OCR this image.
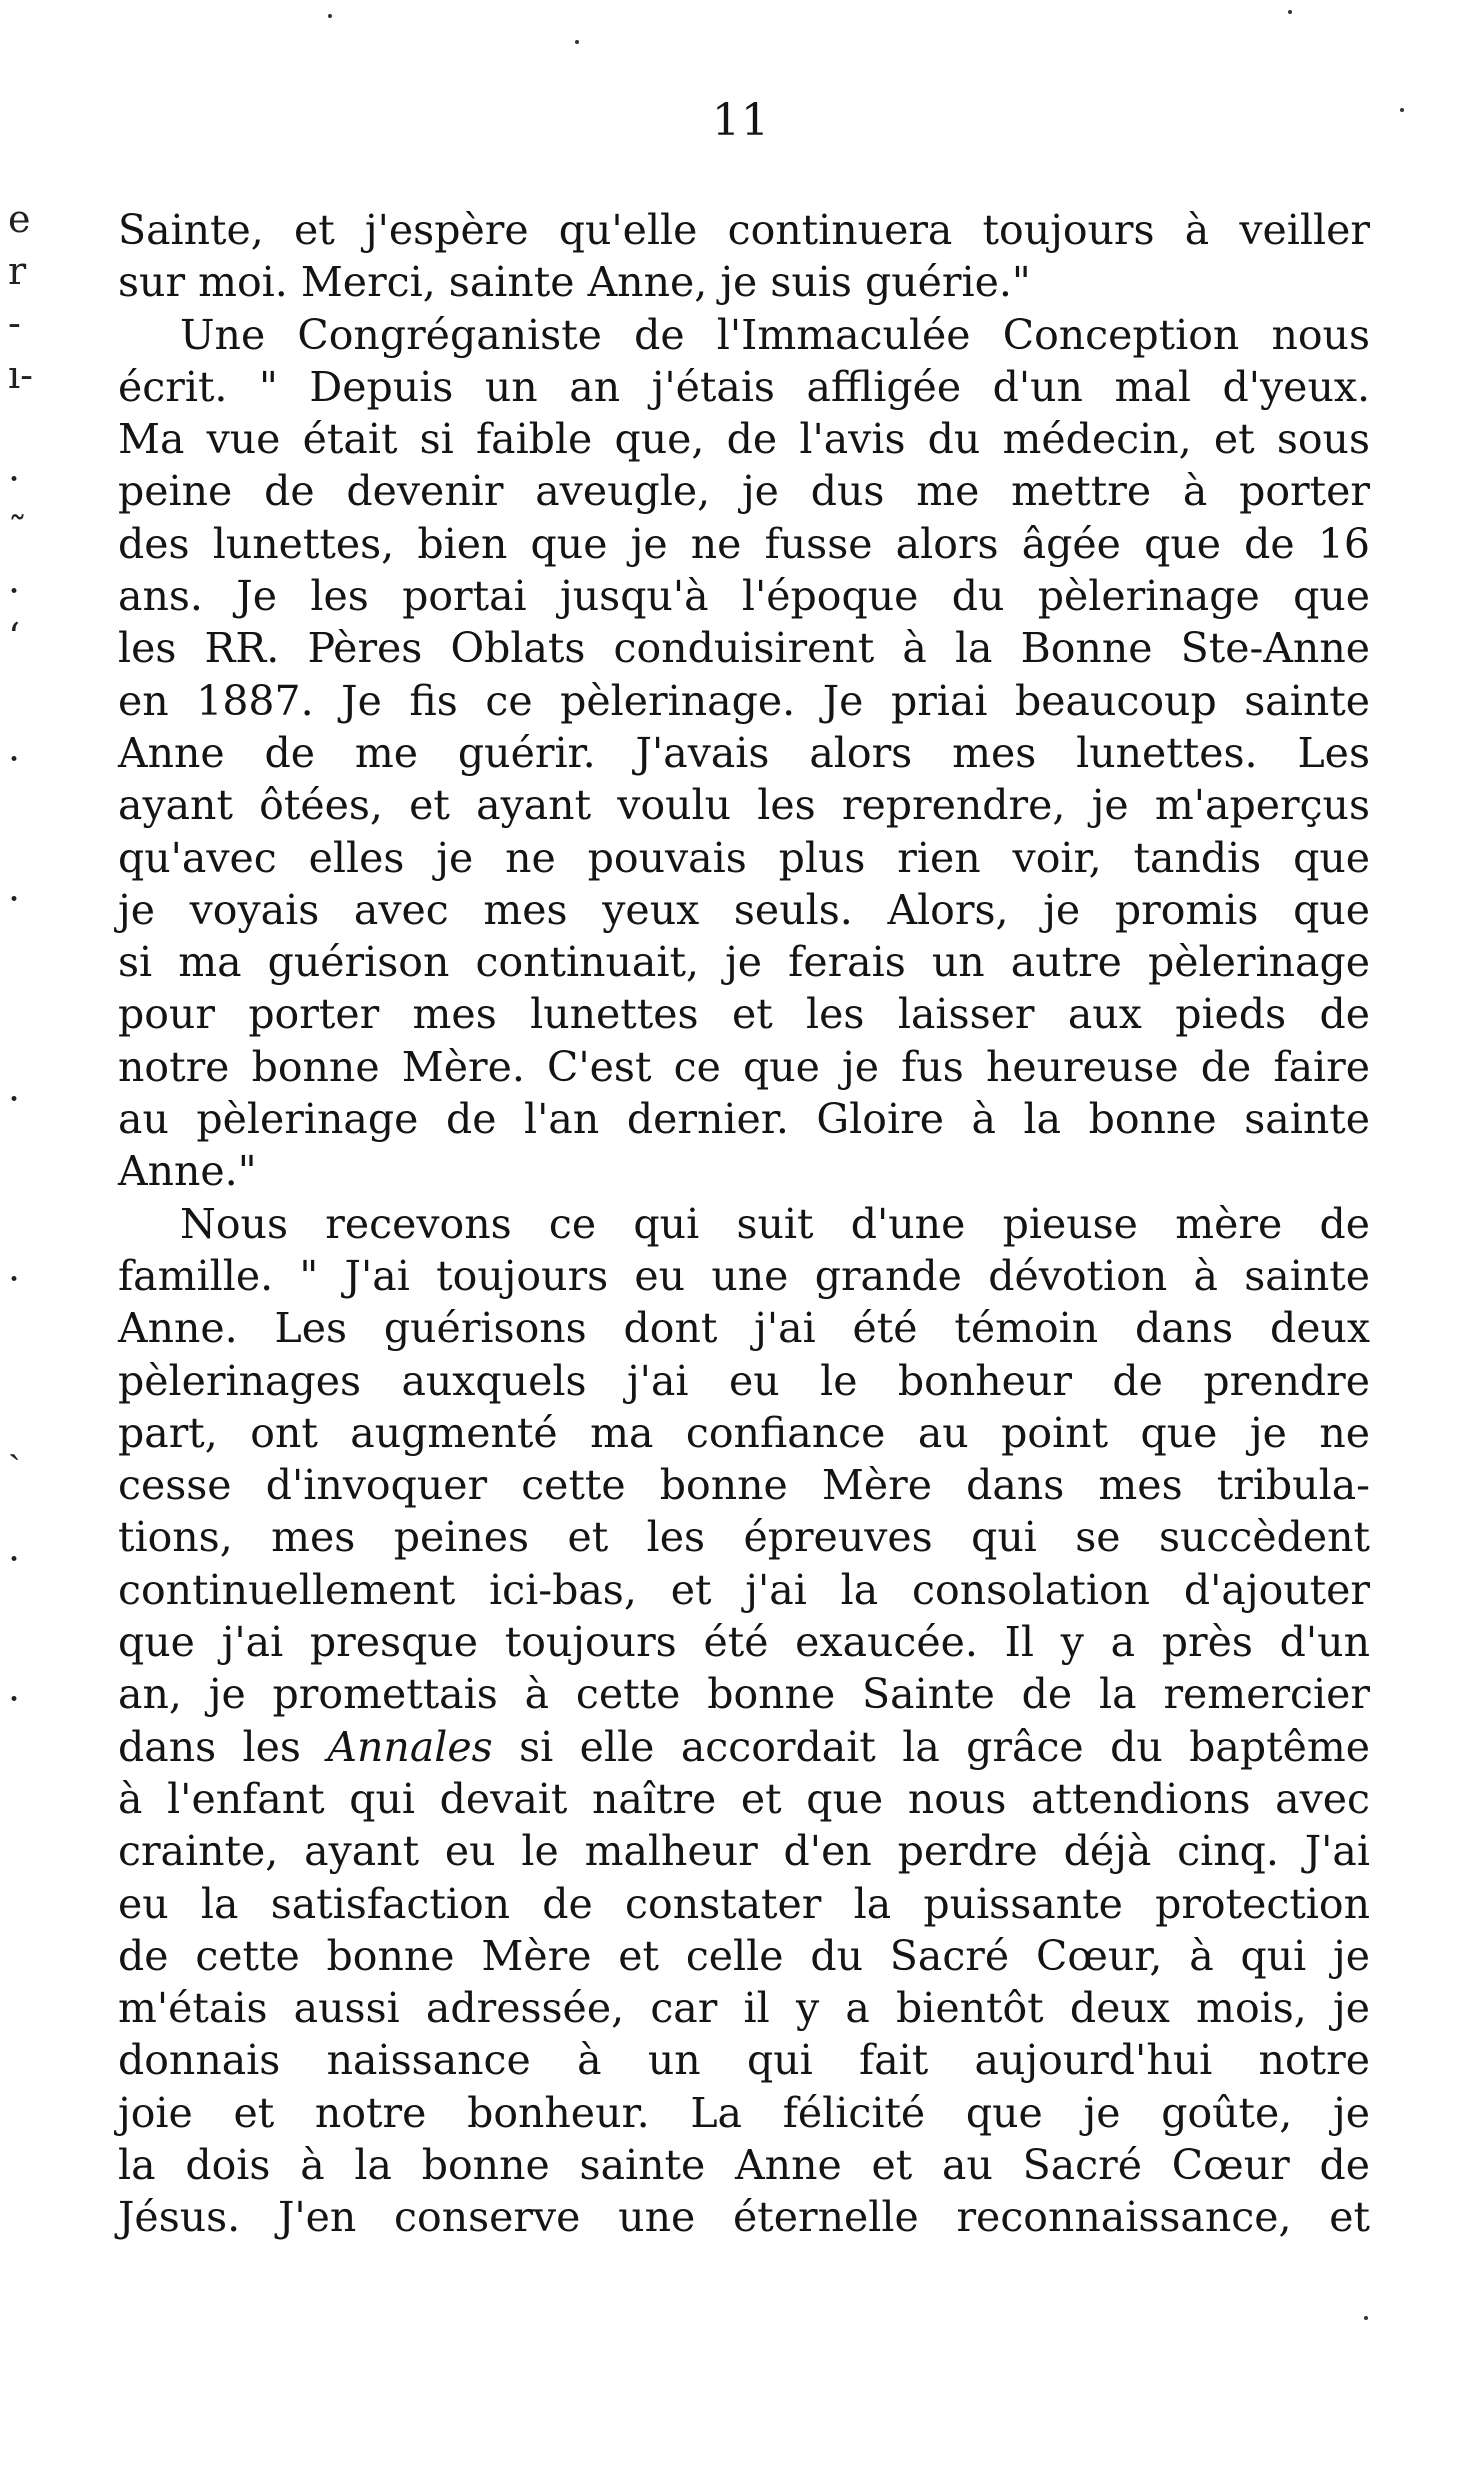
11
e
r
-
ı-
·
˜
·
‘
·
·
·
·
ˏ
·
·
Sainte, et j'espère qu'elle continuera toujours à veiller
sur moi. Merci, sainte Anne, je suis guérie."
Une Congréganiste de l'Immaculée Conception nous
écrit. " Depuis un an j'étais affligée d'un mal d'yeux.
Ma vue était si faible que, de l'avis du médecin, et sous
peine de devenir aveugle, je dus me mettre à porter
des lunettes, bien que je ne fusse alors âgée que de 16
ans. Je les portai jusqu'à l'époque du pèlerinage que
les RR. Pères Oblats conduisirent à la Bonne Ste-Anne
en 1887. Je fis ce pèlerinage. Je priai beaucoup sainte
Anne de me guérir. J'avais alors mes lunettes. Les
ayant ôtées, et ayant voulu les reprendre, je m'aperçus
qu'avec elles je ne pouvais plus rien voir, tandis que
je voyais avec mes yeux seuls. Alors, je promis que
si ma guérison continuait, je ferais un autre pèlerinage
pour porter mes lunettes et les laisser aux pieds de
notre bonne Mère. C'est ce que je fus heureuse de faire
au pèlerinage de l'an dernier. Gloire à la bonne sainte
Anne."
Nous recevons ce qui suit d'une pieuse mère de
famille. " J'ai toujours eu une grande dévotion à sainte
Anne. Les guérisons dont j'ai été témoin dans deux
pèlerinages auxquels j'ai eu le bonheur de prendre
part, ont augmenté ma confiance au point que je ne
cesse d'invoquer cette bonne Mère dans mes tribula-
tions, mes peines et les épreuves qui se succèdent
continuellement ici-bas, et j'ai la consolation d'ajouter
que j'ai presque toujours été exaucée. Il y a près d'un
an, je promettais à cette bonne Sainte de la remercier
dans les Annales si elle accordait la grâce du baptême
à l'enfant qui devait naître et que nous attendions avec
crainte, ayant eu le malheur d'en perdre déjà cinq. J'ai
eu la satisfaction de constater la puissante protection
de cette bonne Mère et celle du Sacré Cœur, à qui je
m'étais aussi adressée, car il y a bientôt deux mois, je
donnais naissance à un qui fait aujourd'hui notre
joie et notre bonheur. La félicité que je goûte, je
la dois à la bonne sainte Anne et au Sacré Cœur de
Jésus. J'en conserve une éternelle reconnaissance, et
